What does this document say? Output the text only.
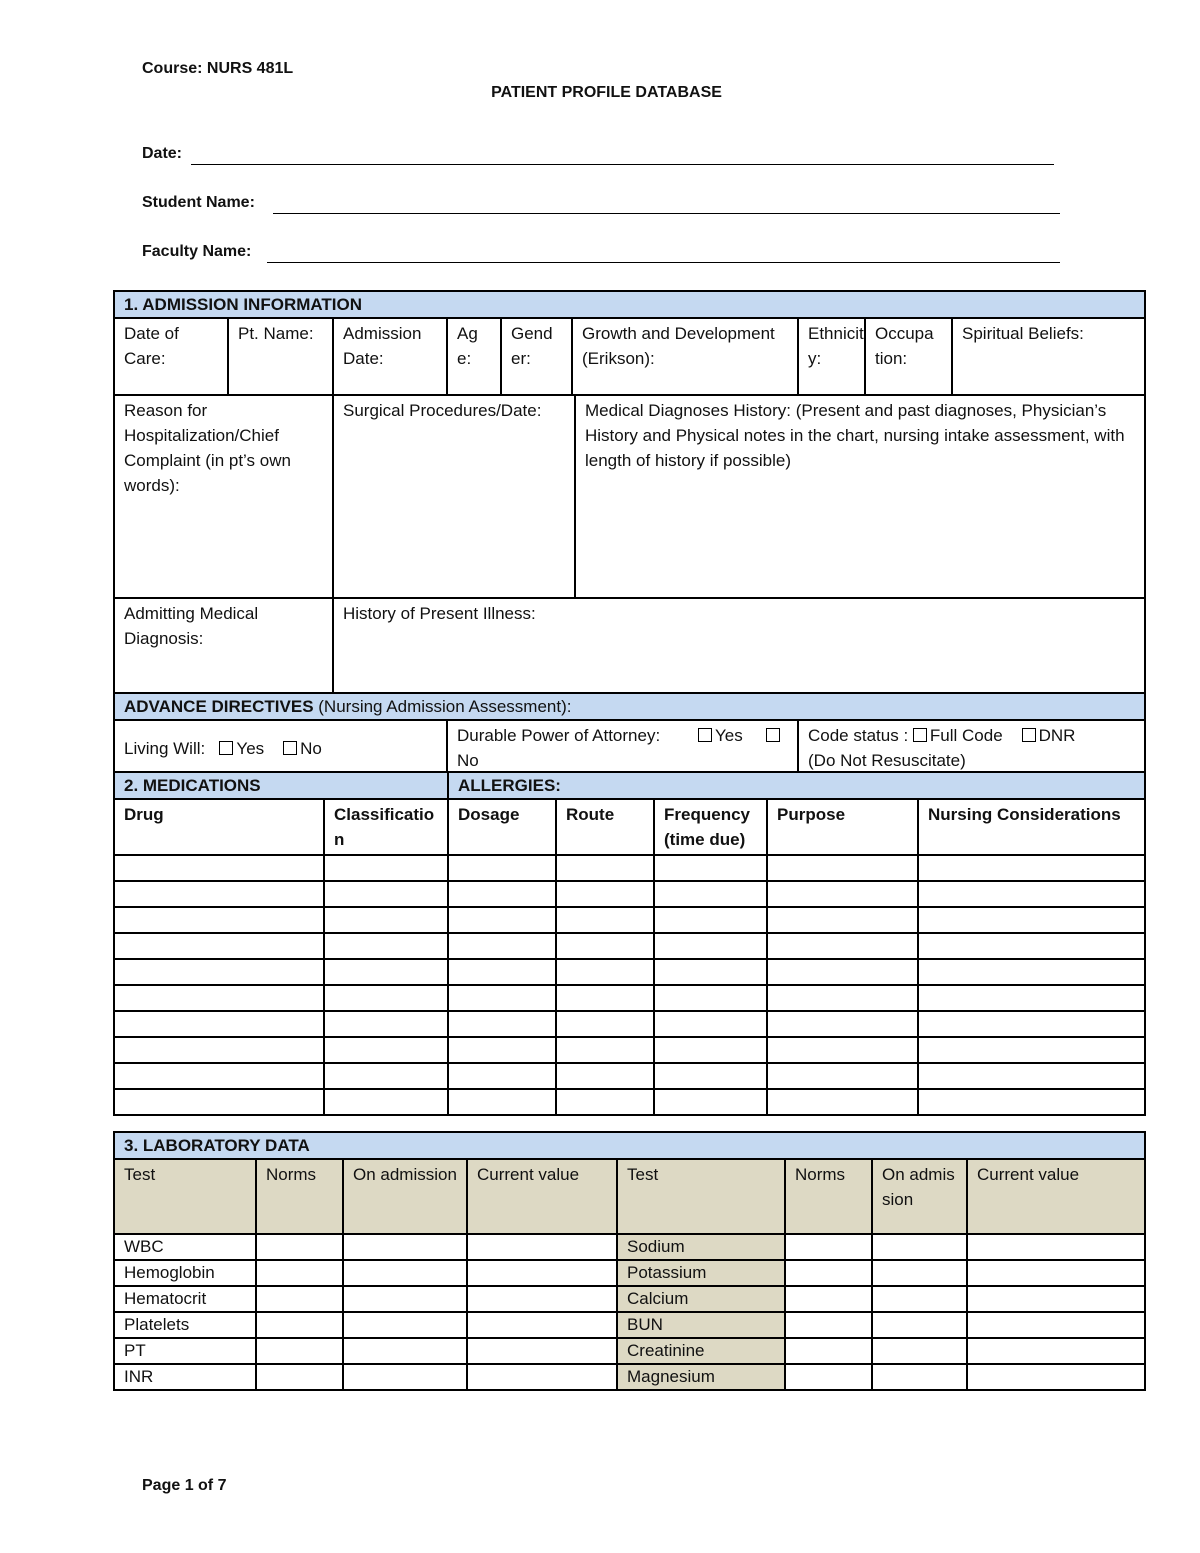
Course: NURS 481L
PATIENT PROFILE DATABASE
Date:
Student Name:
Faculty Name:
1. ADMISSION INFORMATION									
Date of Care:	Pt. Name:	Admission Date:	Ag e:	Gend er:	Growth and Development (Erikson):		Ethnicit y:	Occupa tion:	Spiritual Beliefs:
Reason for Hospitalization/Chief Complaint (in pt’s own words):		Surgical Procedures/Date:				Medical Diagnoses History: (Present and past diagnoses, Physician’s History and Physical notes in the chart, nursing intake assessment, with length of history if possible)			
Admitting Medical Diagnosis:		History of Present Illness:							
ADVANCE DIRECTIVES (Nursing Admission Assessment):									
Living Will: Yes No			Durable Power of Attorney: Yes      No				Code status : Full Code DNR
(Do Not Resuscitate)		
2. MEDICATIONS		ALLERGIES:				
Drug	Classification	Dosage	Route	Frequency (time due)	Purpose	Nursing Considerations

3. LABORATORY DATA							
Test	Norms	On admission	Current value	Test	Norms	On admission	Current value
WBC				Sodium			
Hemoglobin				Potassium			
Hematocrit				Calcium			
Platelets				BUN			
PT				Creatinine			
INR				Magnesium			
Page 1 of 7
